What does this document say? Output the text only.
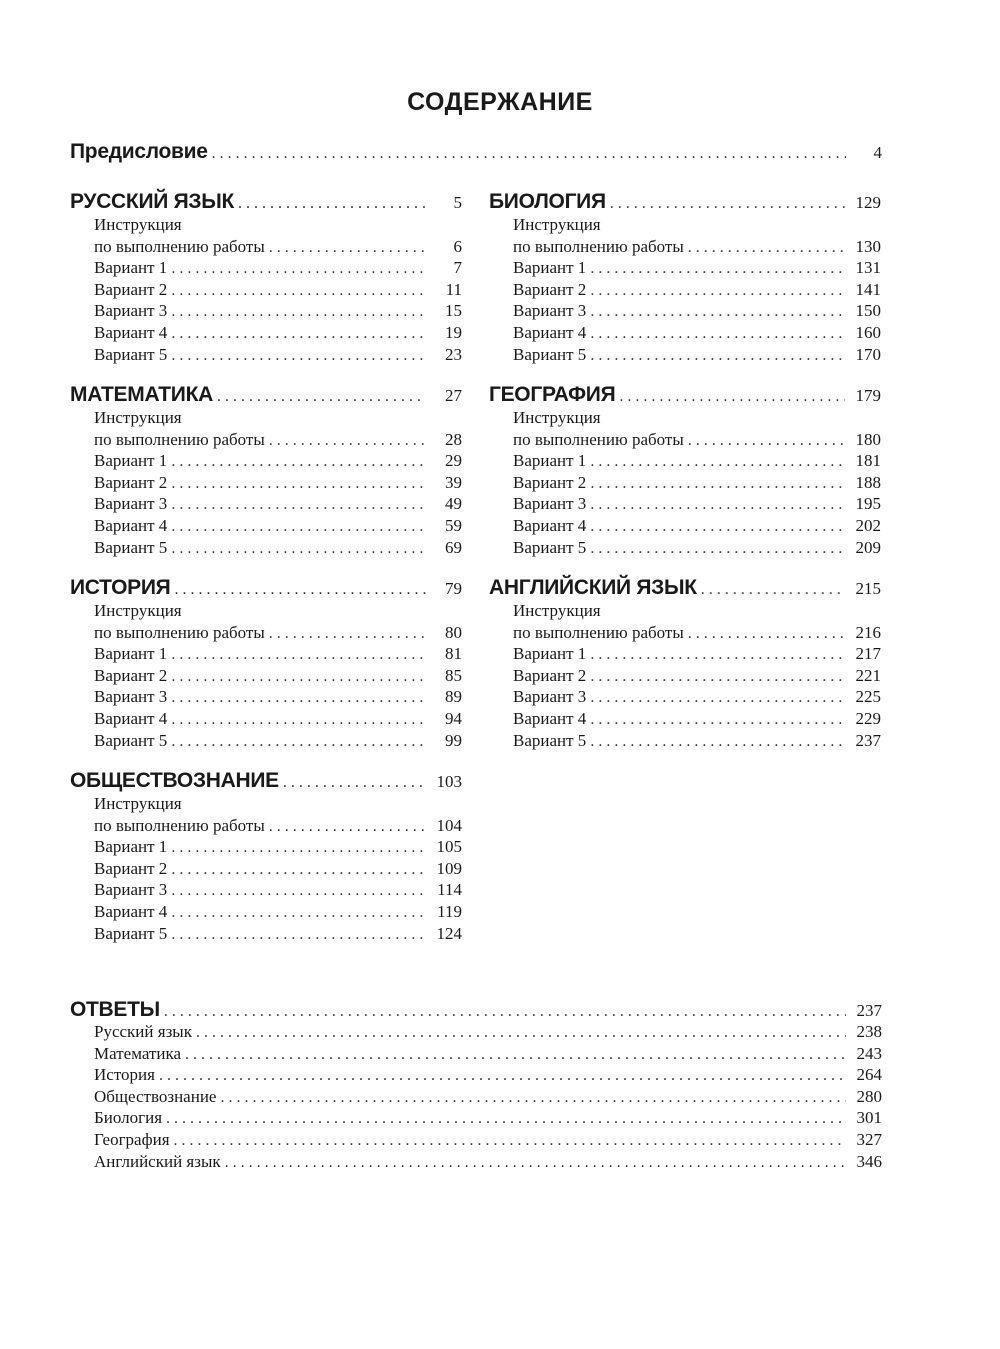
СОДЕРЖАНИЕ
Предисловие . . .	4
РУССКИЙ ЯЗЫК . . .	5
Инструкция
по выполнению работы . . .	6
Вариант 1 . . .	7
Вариант 2 . . .	11
Вариант 3 . . .	15
Вариант 4 . . .	19
Вариант 5 . . .	23
МАТЕМАТИКА . . .	27
Инструкция
по выполнению работы . . .	28
Вариант 1 . . .	29
Вариант 2 . . .	39
Вариант 3 . . .	49
Вариант 4 . . .	59
Вариант 5 . . .	69
ИСТОРИЯ . . .	79
Инструкция
по выполнению работы . . .	80
Вариант 1 . . .	81
Вариант 2 . . .	85
Вариант 3 . . .	89
Вариант 4 . . .	94
Вариант 5 . . .	99
ОБЩЕСТВОЗНАНИЕ . . .	103
Инструкция
по выполнению работы . . .	104
Вариант 1 . . .	105
Вариант 2 . . .	109
Вариант 3 . . .	114
Вариант 4 . . .	119
Вариант 5 . . .	124
БИОЛОГИЯ . . .	129
Инструкция
по выполнению работы . . .	130
Вариант 1 . . .	131
Вариант 2 . . .	141
Вариант 3 . . .	150
Вариант 4 . . .	160
Вариант 5 . . .	170
ГЕОГРАФИЯ . . .	179
Инструкция
по выполнению работы . . .	180
Вариант 1 . . .	181
Вариант 2 . . .	188
Вариант 3 . . .	195
Вариант 4 . . .	202
Вариант 5 . . .	209
АНГЛИЙСКИЙ ЯЗЫК . . .	215
Инструкция
по выполнению работы . . .	216
Вариант 1 . . .	217
Вариант 2 . . .	221
Вариант 3 . . .	225
Вариант 4 . . .	229
Вариант 5 . . .	237
ОТВЕТЫ . . .	237
Русский язык . . .	238
Математика . . .	243
История . . .	264
Обществознание . . .	280
Биология . . .	301
География . . .	327
Английский язык . . .	346
